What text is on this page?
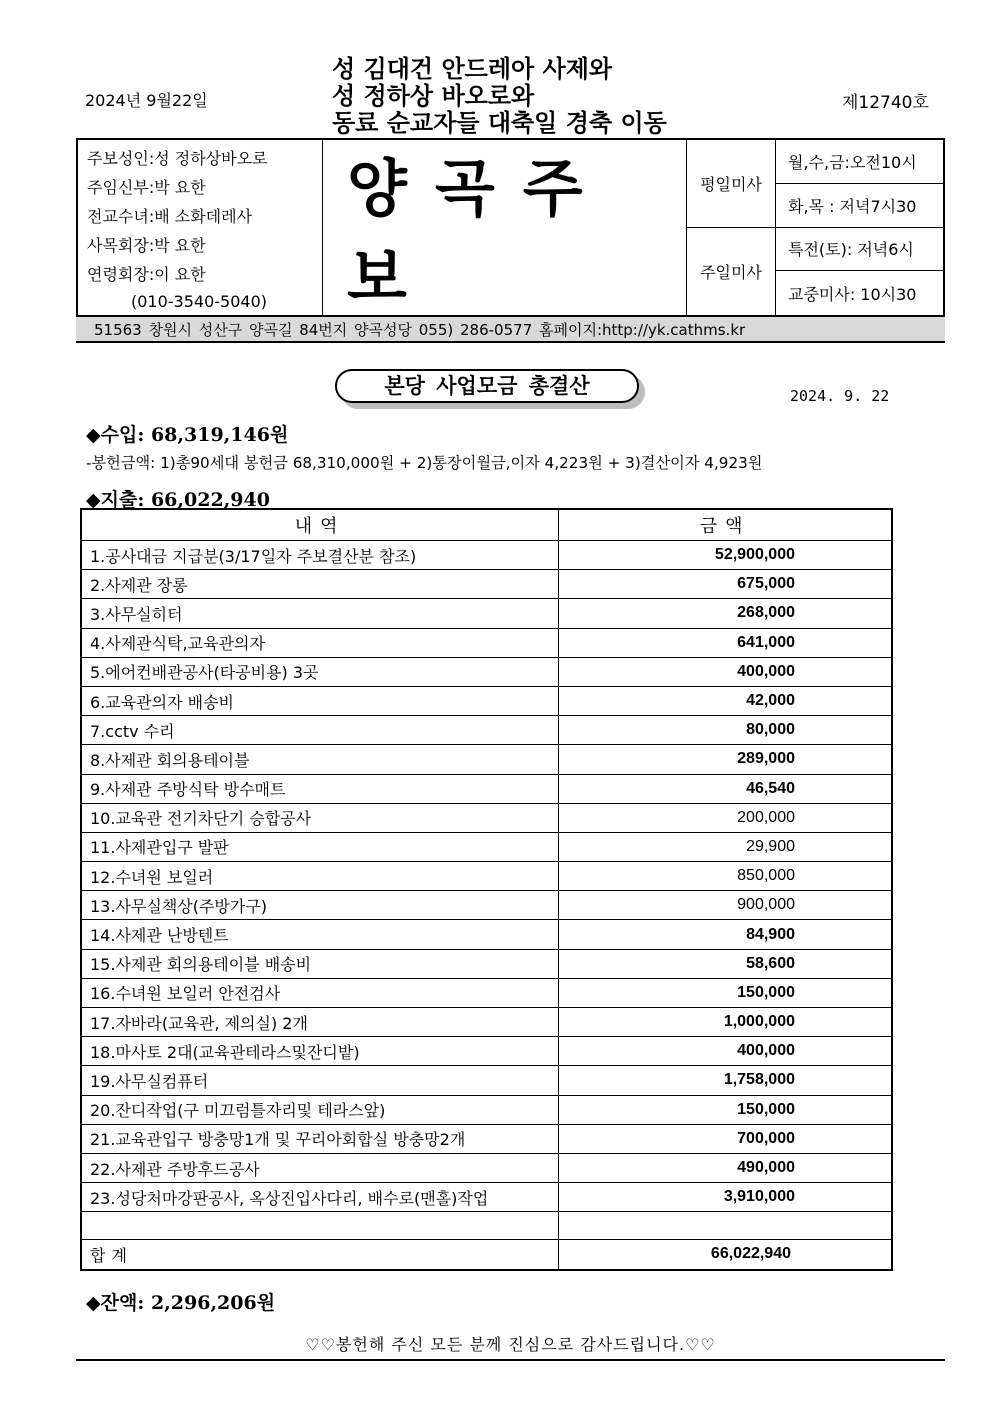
2024년 9월22일
성 김대건 안드레아 사제와
성 정하상 바오로와
동료 순교자들 대축일 경축 이동
제12740호
주보성인:성 정하상바오로
주임신부:박 요한
전교수녀:배 소화데레사
사목회장:박 요한
연령회장:이 요한
(010-3540-5040)
양곡주보
평일미사
주일미사
월,수,금:오전10시
화,목 : 저녁7시30
특전(토): 저녁6시
교중미사: 10시30
51563 창원시 성산구 양곡길 84번지 양곡성당 055) 286-0577 홈페이지:http://yk.cathms.kr
본당 사업모금 총결산	2024. 9. 22
◆수입: 68,319,146원
-봉헌금액: 1)총90세대 봉헌금 68,310,000원 + 2)통장이월금,이자 4,223원 + 3)결산이자 4,923원
◆지출: 66,022,940
내역	금액
1.공사대금 지급분(3/17일자 주보결산분 참조)	52,900,000
2.사제관 장롱	675,000
3.사무실히터	268,000
4.사제관식탁,교육관의자	641,000
5.에어컨배관공사(타공비용) 3곳	400,000
6.교육관의자 배송비	42,000
7.cctv 수리	80,000
8.사제관 회의용테이블	289,000
9.사제관 주방식탁 방수매트	46,540
10.교육관 전기차단기 승합공사	200,000
11.사제관입구 발판	29,900
12.수녀원 보일러	850,000
13.사무실책상(주방가구)	900,000
14.사제관 난방텐트	84,900
15.사제관 회의용테이블 배송비	58,600
16.수녀원 보일러 안전검사	150,000
17.자바라(교육관, 제의실) 2개	1,000,000
18.마사토 2대(교육관테라스및잔디밭)	400,000
19.사무실컴퓨터	1,758,000
20.잔디작업(구 미끄럼틀자리및 테라스앞)	150,000
21.교육관입구 방충망1개 및 꾸리아회합실 방충망2개	700,000
22.사제관 주방후드공사	490,000
23.성당처마강판공사, 옥상진입사다리, 배수로(맨홀)작업	3,910,000

합계	66,022,940
◆잔액: 2,296,206원
♡♡봉헌해 주신 모든 분께 진심으로 감사드립니다.♡♡
